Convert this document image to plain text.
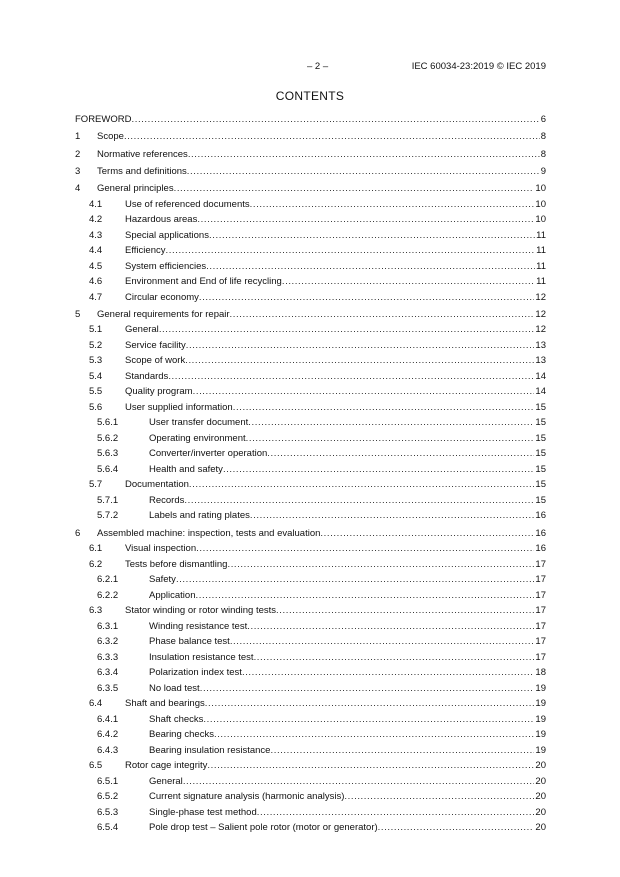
– 2 –	IEC 60034-23:2019 © IEC 2019
CONTENTS
FOREWORD .....	6
1 Scope .....	8
2 Normative references .....	8
3 Terms and definitions .....	9
4 General principles .....	10
4.1 Use of referenced documents .....	10
4.2 Hazardous areas .....	10
4.3 Special applications .....	11
4.4 Efficiency .....	11
4.5 System efficiencies .....	11
4.6 Environment and End of life recycling .....	11
4.7 Circular economy .....	12
5 General requirements for repair .....	12
5.1 General .....	12
5.2 Service facility .....	13
5.3 Scope of work .....	13
5.4 Standards .....	14
5.5 Quality program .....	14
5.6 User supplied information .....	15
5.6.1	User transfer document .....	15
5.6.2	Operating environment .....	15
5.6.3	Converter/inverter operation .....	15
5.6.4	Health and safety .....	15
5.7 Documentation .....	15
5.7.1	Records .....	15
5.7.2	Labels and rating plates .....	16
6 Assembled machine: inspection, tests and evaluation .....	16
6.1 Visual inspection .....	16
6.2 Tests before dismantling .....	17
6.2.1	Safety .....	17
6.2.2	Application .....	17
6.3 Stator winding or rotor winding tests .....	17
6.3.1	Winding resistance test .....	17
6.3.2	Phase balance test .....	17
6.3.3	Insulation resistance test .....	17
6.3.4	Polarization index test .....	18
6.3.5	No load test .....	19
6.4 Shaft and bearings .....	19
6.4.1	Shaft checks .....	19
6.4.2	Bearing checks .....	19
6.4.3	Bearing insulation resistance .....	19
6.5 Rotor cage integrity .....	20
6.5.1	General .....	20
6.5.2	Current signature analysis (harmonic analysis) .....	20
6.5.3	Single-phase test method .....	20
6.5.4	Pole drop test – Salient pole rotor (motor or generator) .....	20
